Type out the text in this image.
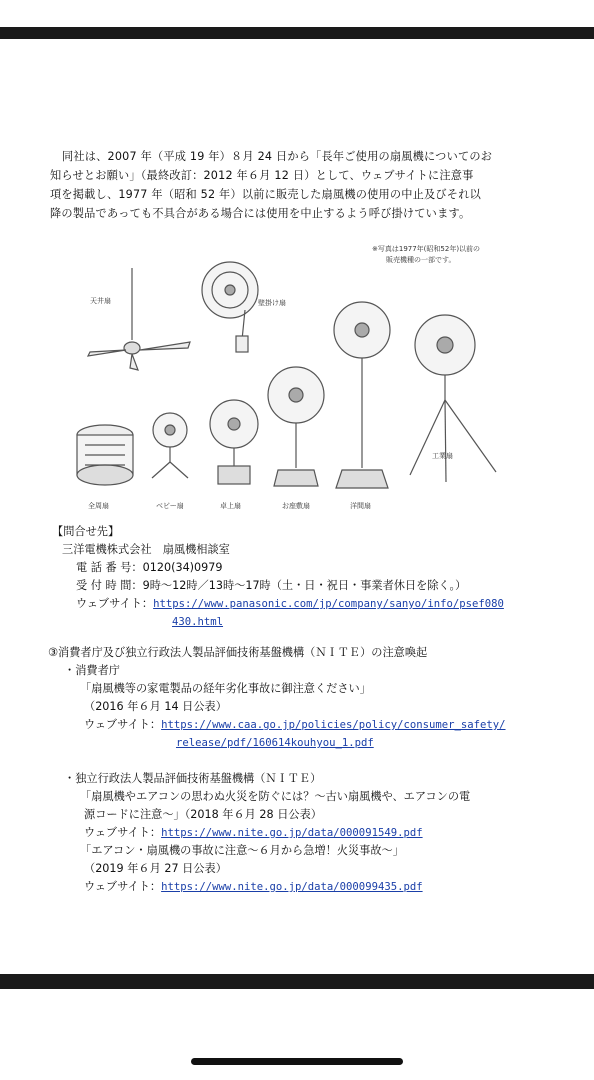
同社は、2007 年（平成 19 年）８月 24 日から「長年ご使用の扇風機についてのお

知らせとお願い」（最終改訂：2012 年６月 12 日）として、ウェブサイトに注意事
項を掲載し、1977 年（昭和 52 年）以前に販売した扇風機の使用の中止及びそれ以
降の製品であっても不具合がある場合には使用を中止するよう呼び掛けています。
※写真は1977年(昭和52年)以前の
販売機種の一部です。
天井扇	壁掛け扇
工業扇
全周扇	ベビー扇	卓上扇	お座敷扇	洋間扇
【問合せ先】
三洋電機株式会社　扇風機相談室
電 話 番 号：0120(34)0979
受 付 時 間：9時～12時／13時～17時（土・日・祝日・事業者休日を除く。）
ウェブサイト：https://www.panasonic.com/jp/company/sanyo/info/psef080
430.html
③消費者庁及び独立行政法人製品評価技術基盤機構（ＮＩＴＥ）の注意喚起
・消費者庁
「扇風機等の家電製品の経年劣化事故に御注意ください」
（2016 年６月 14 日公表）
ウェブサイト：https://www.caa.go.jp/policies/policy/consumer_safety/
release/pdf/160614kouhyou_1.pdf
・独立行政法人製品評価技術基盤機構（ＮＩＴＥ）
「扇風機やエアコンの思わぬ火災を防ぐには？～古い扇風機や、エアコンの電
源コードに注意～」（2018 年６月 28 日公表）
ウェブサイト：https://www.nite.go.jp/data/000091549.pdf
「エアコン・扇風機の事故に注意～６月から急増！火災事故～」
（2019 年６月 27 日公表）
ウェブサイト：https://www.nite.go.jp/data/000099435.pdf
